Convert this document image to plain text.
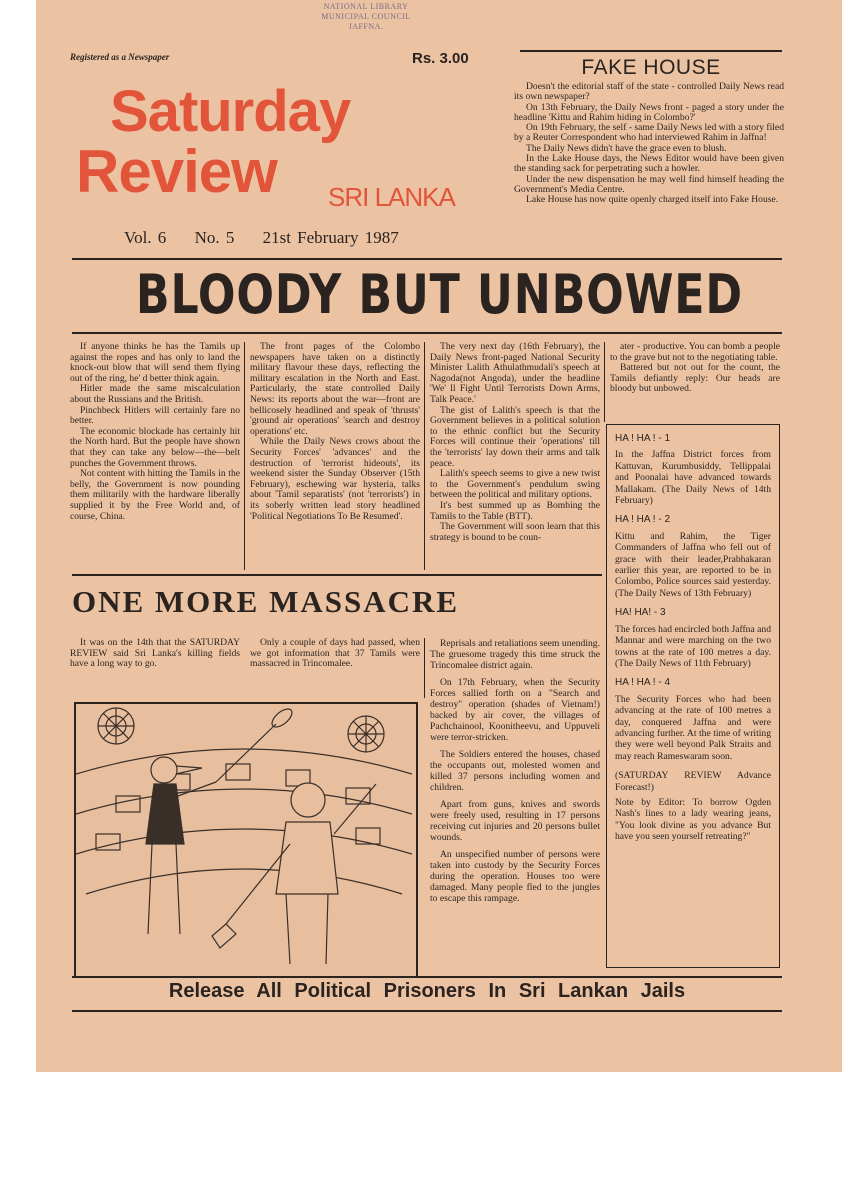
NATIONAL LIBRARY
MUNICIPAL COUNCIL
JAFFNA.
Registered as a Newspaper	Rs. 3.00
Saturday
Review SRI LANKA
Vol. 6 No. 5 21st February 1987
FAKE HOUSE

Doesn't the editorial staff of the state - controlled Daily News read its own newspaper?

On 13th February, the Daily News front - paged a story under the headline 'Kittu and Rahim hiding in Colombo?'

On 19th February, the self - same Daily News led with a story filed by a Reuter Correspondent who had interviewed Rahim in Jaffna!

The Daily News didn't have the grace even to blush.

In the Lake House days, the News Editor would have been given the standing sack for perpetrating such a howler.

Under the new dispensation he may well find himself heading the Government's Media Centre.

Lake House has now quite openly charged itself into Fake House.

BLOODY BUT UNBOWED

If anyone thinks he has the Tamils up against the ropes and has only to land the knock-out blow that will send them flying out of the ring, he' d better think again.

Hitler made the same miscalculation about the Russians and the British.

Pinchbeck Hitlers will certainly fare no better.

The economic blockade has certainly hit the North hard. But the people have shown that they can take any below—the—belt punches the Government throws.

Not content with hitting the Tamils in the belly, the Government is now pounding them militarily with the hardware liberally supplied it by the Free World and, of course, China.

The front pages of the Colombo newspapers have taken on a distinctly military flavour these days, reflecting the military escalation in the North and East. Particularly, the state controlled Daily News: its reports about the war—front are bellicosely headlined and speak of 'thrusts' 'ground air operations' 'search and destroy operations' etc.

While the Daily News crows about the Security Forces' 'advances' and the destruction of 'terrorist hideouts', its weekend sister the Sunday Observer (15th February), eschewing war hysteria, talks about 'Tamil separatists' (not 'terrorists') in its soberly written lead story headlined 'Political Negotiations To Be Resumed'.

The very next day (16th February), the Daily News front-paged National Security Minister Lalith Athulathmudali's speech at Nagoda(not Angoda), under the headline 'We' ll Fight Until Terrorists Down Arms, Talk Peace.'

The gist of Lalith's speech is that the Government believes in a political solution to the ethnic conflict but the Security Forces will continue their 'operations' till the 'terrorists' lay down their arms and talk peace.

Lalith's speech seems to give a new twist to the Government's pendulum swing between the political and military options.

It's best summed up as Bombing the Tamils to the Table (BTT).

The Government will soon learn that this strategy is bound to be coun-

ater - productive. You can bomb a people to the grave but not to the negotiating table.

Battered but not out for the count, the Tamils defiantly reply: Our heads are bloody but unbowed.

HA ! HA ! - 1
In the Jaffna District forces from Kattuvan, Kurumbusiddy, Tellippalai and Poonalai have advanced towards Mallakam. (The Daily News of 14th February)
HA ! HA ! - 2
Kittu and Rahim, the Tiger Commanders of Jaffna who fell out of grace with their leader,Prabhakaran earlier this year, are reported to be in Colombo, Police sources said yesterday. (The Daily News of 13th February)
HA! HA! - 3
The forces had encircled both Jaffna and Mannar and were marching on the two towns at the rate of 100 metres a day. (The Daily News of 11th February)
HA ! HA ! - 4
The Security Forces who had been advancing at the rate of 100 metres a day, conquered Jaffna and were advancing further. At the time of writing they were well beyond Palk Straits and may reach Rameswaram soon.
(SATURDAY REVIEW Advance Forecast!)
Note by Editor: To borrow Ogden Nash's lines to a lady wearing jeans, "You look divine as you advance But have you seen yourself retreating?"
ONE MORE MASSACRE

It was on the 14th that the SATURDAY REVIEW said Sri Lanka's killing fields have a long way to go.

Only a couple of days had passed, when we got information that 37 Tamils were massacred in Trincomalee.

Reprisals and retaliations seem unending. The gruesome tragedy this time struck the Trincomalee district again.

On 17th February, when the Security Forces sallied forth on a "Search and destroy" operation (shades of Vietnam!) backed by air cover, the villages of Pachchainool, Koonitheevu, and Uppuveli were terror-stricken.

The Soldiers entered the houses, chased the occupants out, molested women and killed 37 persons including women and children.

Apart from guns, knives and swords were freely used, resulting in 17 persons receiving cut injuries and 20 persons bullet wounds.

An unspecified number of persons were taken into custody by the Security Forces during the operation. Houses too were damaged. Many people fled to the jungles to escape this rampage.

Release All Political Prisoners In Sri Lankan Jails
